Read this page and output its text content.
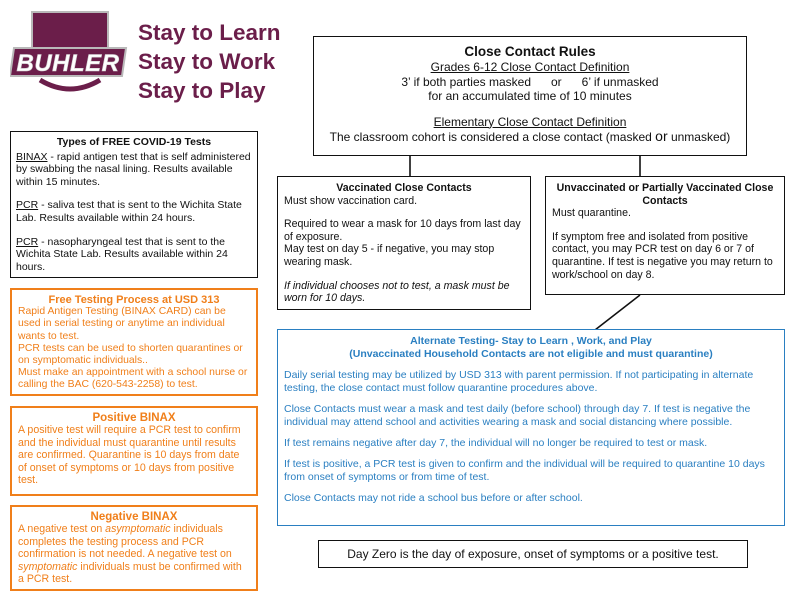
BUHLER
Stay to Learn
Stay to Work
Stay to Play

Close Contact Rules

Grades 6-12 Close Contact Definition

3’ if both parties masked      or      6’ if unmasked

for an accumulated time of 10 minutes

Elementary Close Contact Definition

The classroom cohort is considered a close contact (masked or unmasked)

Types of FREE COVID-19 Tests

BINAX - rapid antigen test that is self administered by swabbing the nasal lining. Results available within 15 minutes.

PCR - saliva test that is sent to the Wichita State Lab. Results available within 24 hours.

PCR - nasopharyngeal test that is sent to the Wichita State Lab. Results available within 24 hours.

Vaccinated Close Contacts

Must show vaccination card.

Required to wear a mask for 10 days from last day of exposure.

May test on day 5 - if negative, you may stop wearing mask.

If individual chooses not to test, a mask must be worn for 10 days.

Unvaccinated or Partially Vaccinated Close Contacts

Must quarantine.

If symptom free and isolated from positive contact, you may PCR test on day 6 or 7 of quarantine. If test is negative you may return to work/school on day 8.

Free Testing Process at USD 313

Rapid Antigen Testing (BINAX CARD) can be used in serial testing or anytime an individual wants to test.

PCR tests can be used to shorten quarantines or on symptomatic individuals..

Must make an appointment with a school nurse or calling the BAC (620-543-2258) to test.

Positive BINAX

A positive test will require a PCR test to confirm and the individual must quarantine until results are confirmed. Quarantine is 10 days from date of onset of symptoms or 10 days from positive test.

Negative BINAX

A negative test on asymptomatic individuals completes the testing process and PCR confirmation is not needed. A negative test on symptomatic individuals must be confirmed with a PCR test.

Alternate Testing- Stay to Learn , Work, and Play

(Unvaccinated Household Contacts are not eligible and must quarantine)

Daily serial testing may be utilized by USD 313 with parent permission. If not participating in alternate testing, the close contact must follow quarantine procedures above.

Close Contacts must wear a mask and test daily (before school) through day 7. If test is negative the individual may attend school and activities wearing a mask and social distancing where possible.

If test remains negative after day 7, the individual will no longer be required to test or mask.

If test is positive, a PCR test is given to confirm and the individual will be required to quarantine 10 days from onset of symptoms or from time of test.

Close Contacts may not ride a school bus before or after school.

Day Zero is the day of exposure, onset of symptoms or a positive test.
